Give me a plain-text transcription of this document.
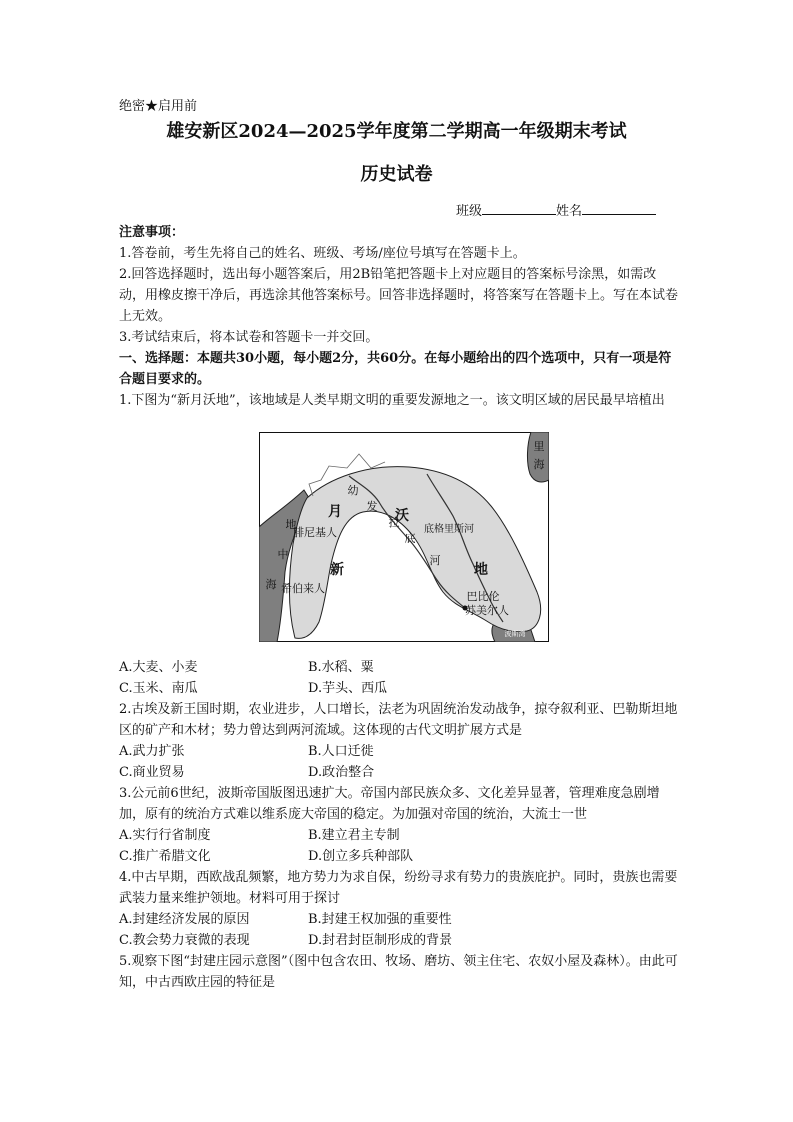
绝密★启用前
雄安新区2024—2025学年度第二学期高一年级期末考试
历史试卷
班级	姓名
注意事项：
1.答卷前，考生先将自己的姓名、班级、考场/座位号填写在答题卡上。
2.回答选择题时，选出每小题答案后，用2B铅笔把答题卡上对应题目的答案标号涂黑，如需改动，用橡皮擦干净后，再选涂其他答案标号。回答非选择题时，将答案写在答题卡上。写在本试卷上无效。
3.考试结束后，将本试卷和答题卡一并交回。
一、选择题：本题共30小题，每小题2分，共60分。在每小题给出的四个选项中，只有一项是符合题目要求的。
1.下图为“新月沃地”，该地域是人类早期文明的重要发源地之一。该文明区域的居民最早培植出
里
海
地
中
海
腓尼基人
希伯来人
新
月	沃
地
幼
发
拉
底
河
底格里斯河
巴比伦
苏美尔人
波斯湾
A.大麦、小麦	B.水稻、粟
C.玉米、南瓜	D.芋头、西瓜
2.古埃及新王国时期，农业进步，人口增长，法老为巩固统治发动战争，掠夺叙利亚、巴勒斯坦地区的矿产和木材；势力曾达到两河流域。这体现的古代文明扩展方式是
A.武力扩张	B.人口迁徙
C.商业贸易	D.政治整合
3.公元前6世纪，波斯帝国版图迅速扩大。帝国内部民族众多、文化差异显著，管理难度急剧增加，原有的统治方式难以维系庞大帝国的稳定。为加强对帝国的统治，大流士一世
A.实行行省制度	B.建立君主专制
C.推广希腊文化	D.创立多兵种部队
4.中古早期，西欧战乱频繁，地方势力为求自保，纷纷寻求有势力的贵族庇护。同时，贵族也需要武装力量来维护领地。材料可用于探讨
A.封建经济发展的原因	B.封建王权加强的重要性
C.教会势力衰微的表现	D.封君封臣制形成的背景
5.观察下图“封建庄园示意图”（图中包含农田、牧场、磨坊、领主住宅、农奴小屋及森林）。由此可知，中古西欧庄园的特征是
